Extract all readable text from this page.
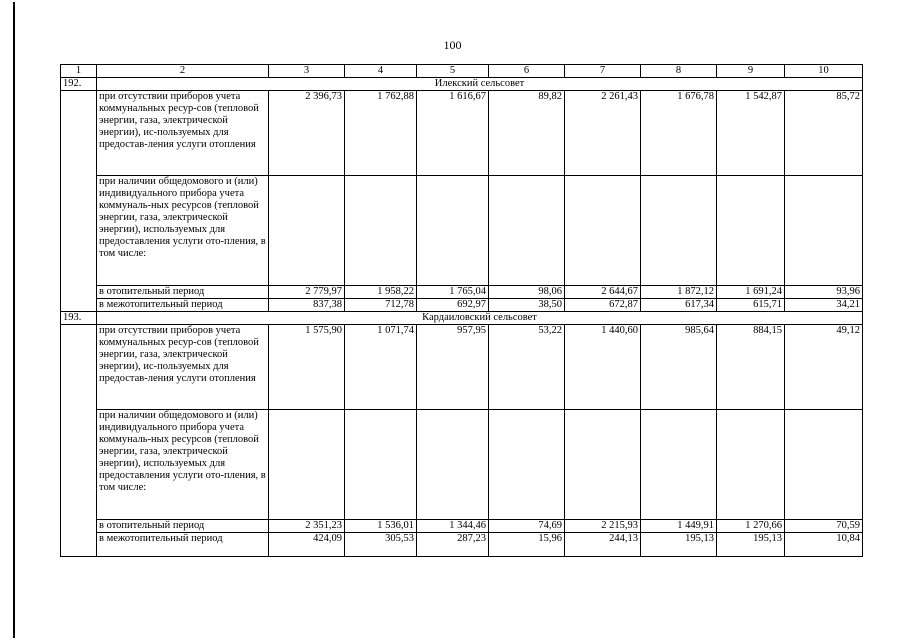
100
1	2	3	4	5	6	7	8	9	10
192.	Илекский сельсовет								
	при отсутствии приборов учета коммунальных ресур-сов (тепловой энергии, газа, электрической энергии), ис-пользуемых для предостав-ления услуги отопления	2 396,73	1 762,88	1 616,67	89,82	2 261,43	1 676,78	1 542,87	85,72
	при наличии общедомового и (или) индивидуального прибора учета коммуналь-ных ресурсов (тепловой энергии, газа, электрической энергии), используемых для предоставления услуги ото-пления, в том числе:								
	в отопительный период	2 779,97	1 958,22	1 765,04	98,06	2 644,67	1 872,12	1 691,24	93,96
	в межотопительный период	837,38	712,78	692,97	38,50	672,87	617,34	615,71	34,21
193.	Кардаиловский сельсовет								
	при отсутствии приборов учета коммунальных ресур-сов (тепловой энергии, газа, электрической энергии), ис-пользуемых для предостав-ления услуги отопления	1 575,90	1 071,74	957,95	53,22	1 440,60	985,64	884,15	49,12
	при наличии общедомового и (или) индивидуального прибора учета коммуналь-ных ресурсов (тепловой энергии, газа, электрической энергии), используемых для предоставления услуги ото-пления, в том числе:								
	в отопительный период	2 351,23	1 536,01	1 344,46	74,69	2 215,93	1 449,91	1 270,66	70,59
	в межотопительный период	424,09	305,53	287,23	15,96	244,13	195,13	195,13	10,84
